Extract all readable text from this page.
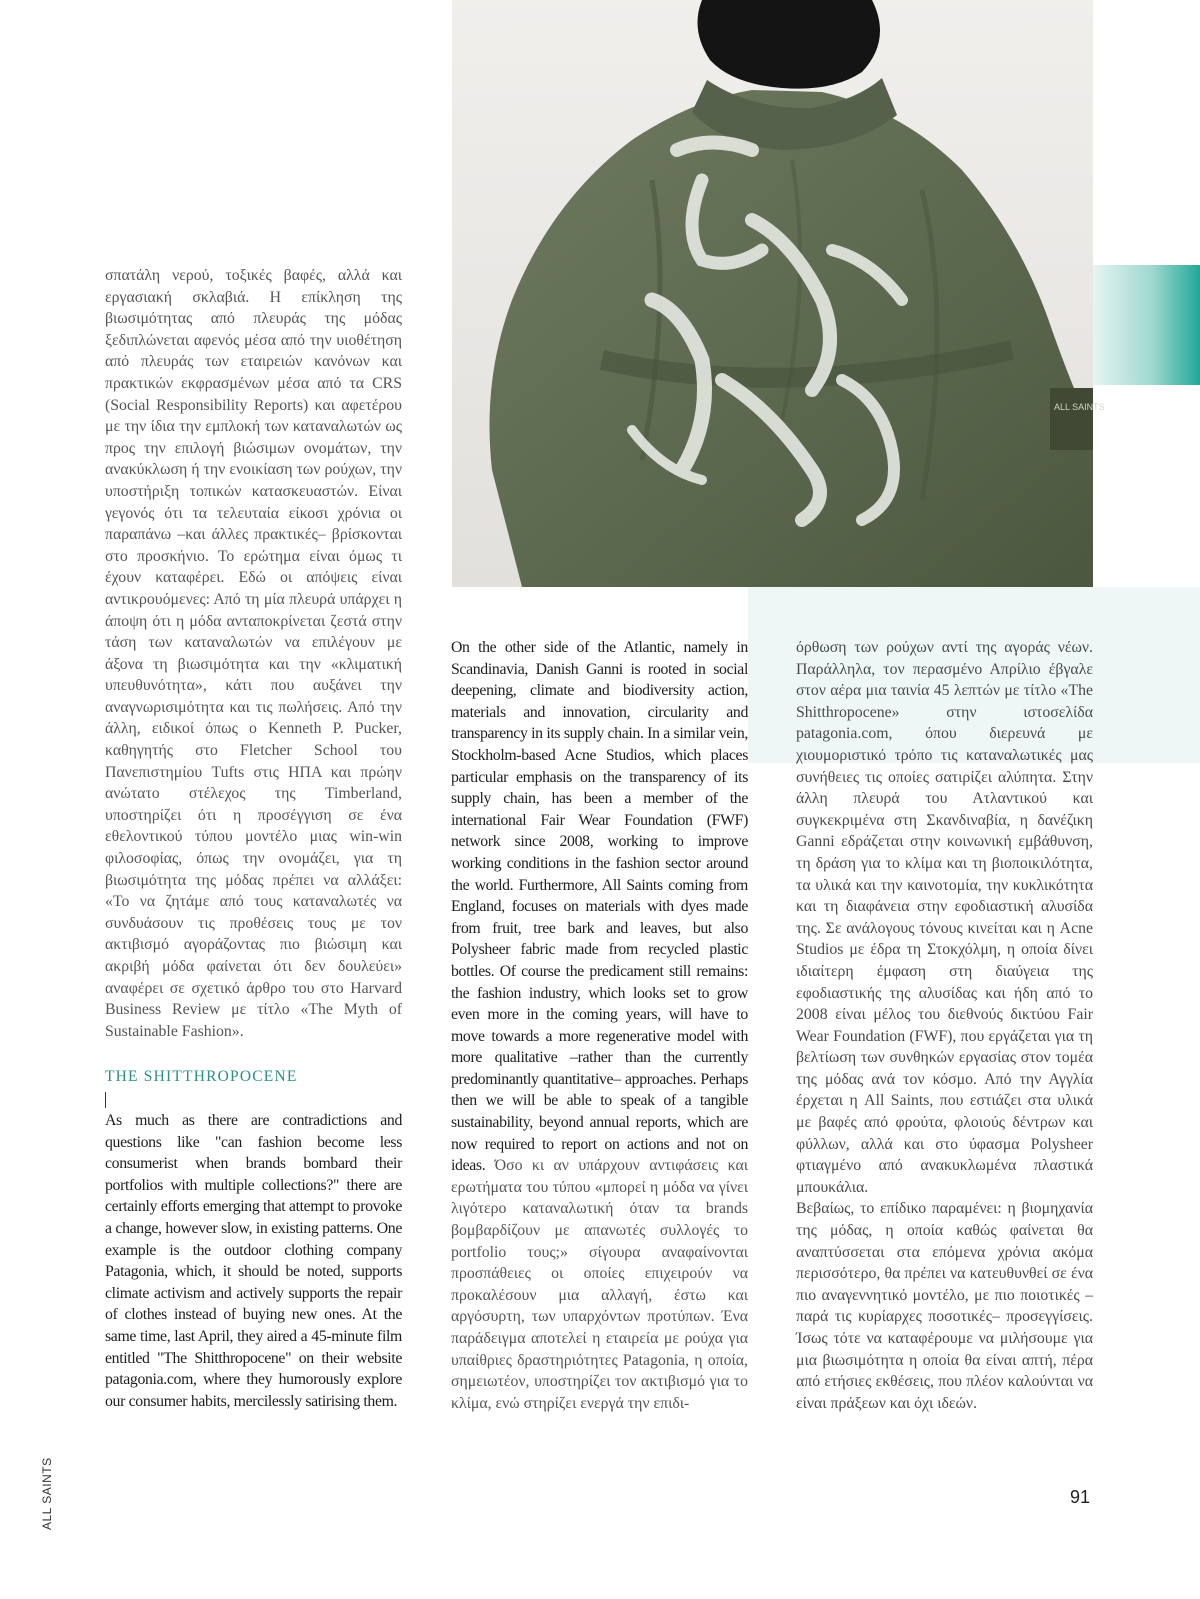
ALL SAINTS

σπατάλη νερού, τοξικές βαφές, αλλά και εργασιακή σκλαβιά. Η επίκληση της βιωσιμότητας από πλευράς της μόδας ξεδιπλώνεται αφενός μέσα από την υιοθέτηση από πλευράς των εταιρειών κανόνων και πρακτικών εκφρασμένων μέσα από τα CRS (Social Responsibility Reports) και αφετέρου με την ίδια την εμπλοκή των καταναλωτών ως προς την επιλογή βιώσιμων ονομάτων, την ανακύκλωση ή την ενοικίαση των ρούχων, την υποστήριξη τοπικών κατασκευαστών. Είναι γεγονός ότι τα τελευταία είκοσι χρόνια οι παραπάνω –και άλλες πρακτικές– βρίσκονται στο προσκήνιο. Το ερώτημα είναι όμως τι έχουν καταφέρει. Εδώ οι απόψεις είναι αντικρουόμενες: Από τη μία πλευρά υπάρχει η άποψη ότι η μόδα ανταποκρίνεται ζεστά στην τάση των καταναλωτών να επιλέγουν με άξονα τη βιωσιμότητα και την «κλιματική υπευθυνότητα», κάτι που αυξάνει την αναγνωρισιμότητα και τις πωλήσεις. Από την άλλη, ειδικοί όπως ο Kenneth P. Pucker, καθηγητής στο Fletcher School του Πανεπιστημίου Tufts στις ΗΠΑ και πρώην ανώτατο στέλεχος της Timberland, υποστηρίζει ότι η προσέγγιση σε ένα εθελοντικού τύπου μοντέλο μιας win-win φιλοσοφίας, όπως την ονομάζει, για τη βιωσιμότητα της μόδας πρέπει να αλλάξει: «Το να ζητάμε από τους καταναλωτές να συνδυάσουν τις προθέσεις τους με τον ακτιβισμό αγοράζοντας πιο βιώσιμη και ακριβή μόδα φαίνεται ότι δεν δουλεύει» αναφέρει σε σχετικό άρθρο του στο Harvard Business Review με τίτλο «The Myth of Sustainable Fashion».

THE SHITTHROPOCENE

As much as there are contradictions and questions like "can fashion become less consumerist when brands bombard their portfolios with multiple collections?" there are certainly efforts emerging that attempt to provoke a change, however slow, in existing patterns. One example is the outdoor clothing company Patagonia, which, it should be noted, supports climate activism and actively supports the repair of clothes instead of buying new ones. At the same time, last April, they aired a 45-minute film entitled "The Shitthropocene" on their website patagonia.com, where they humorously explore our consumer habits, mercilessly satirising them.

On the other side of the Atlantic, namely in Scandinavia, Danish Ganni is rooted in social deepening, climate and biodiversity action, materials and innovation, circularity and transparency in its supply chain. In a similar vein, Stockholm-based Acne Studios, which places particular emphasis on the transparency of its supply chain, has been a member of the international Fair Wear Foundation (FWF) network since 2008, working to improve working conditions in the fashion sector around the world. Furthermore, All Saints coming from England, focuses on materials with dyes made from fruit, tree bark and leaves, but also Polysheer fabric made from recycled plastic bottles. Of course the predicament still remains: the fashion industry, which looks set to grow even more in the coming years, will have to move towards a more regenerative model with more qualitative –rather than the currently predominantly quantitative– approaches. Perhaps then we will be able to speak of a tangible sustainability, beyond annual reports, which are now required to report on actions and not on ideas. Όσο κι αν υπάρχουν αντιφάσεις και ερωτήματα του τύπου «μπορεί η μόδα να γίνει λιγότερο καταναλωτική όταν τα brands βομβαρδίζουν με απανωτές συλλογές το portfolio τους;» σίγουρα αναφαίνονται προσπάθειες οι οποίες επιχειρούν να προκαλέσουν μια αλλαγή, έστω και αργόσυρτη, των υπαρχόντων προτύπων. Ένα παράδειγμα αποτελεί η εταιρεία με ρούχα για υπαίθριες δραστηριότητες Patagonia, η οποία, σημειωτέον, υποστηρίζει τον ακτιβισμό για το κλίμα, ενώ στηρίζει ενεργά την επιδι-

όρθωση των ρούχων αντί της αγοράς νέων. Παράλληλα, τον περασμένο Απρίλιο έβγαλε στον αέρα μια ταινία 45 λεπτών με τίτλο «The Shitthropocene» στην ιστοσελίδα patagonia.com, όπου διερευνά με χιουμοριστικό τρόπο τις καταναλωτικές μας συνήθειες τις οποίες σατιρίζει αλύπητα. Στην άλλη πλευρά του Ατλαντικού και συγκεκριμένα στη Σκανδιναβία, η δανέζικη Ganni εδράζεται στην κοινωνική εμβάθυνση, τη δράση για το κλίμα και τη βιοποικιλότητα, τα υλικά και την καινοτομία, την κυκλικότητα και τη διαφάνεια στην εφοδιαστική αλυσίδα της. Σε ανάλογους τόνους κινείται και η Acne Studios με έδρα τη Στοκχόλμη, η οποία δίνει ιδιαίτερη έμφαση στη διαύγεια της εφοδιαστικής της αλυσίδας και ήδη από το 2008 είναι μέλος του διεθνούς δικτύου Fair Wear Foundation (FWF), που εργάζεται για τη βελτίωση των συνθηκών εργασίας στον τομέα της μόδας ανά τον κόσμο. Από την Αγγλία έρχεται η All Saints, που εστιάζει στα υλικά με βαφές από φρούτα, φλοιούς δέντρων και φύλλων, αλλά και στο ύφασμα Polysheer φτιαγμένο από ανακυκλωμένα πλαστικά μπουκάλια.

Βεβαίως, το επίδικο παραμένει: η βιομηχανία της μόδας, η οποία καθώς φαίνεται θα αναπτύσσεται στα επόμενα χρόνια ακόμα περισσότερο, θα πρέπει να κατευθυνθεί σε ένα πιο αναγεννητικό μοντέλο, με πιο ποιοτικές –παρά τις κυρίαρχες ποσοτικές– προσεγγίσεις. Ίσως τότε να καταφέρουμε να μιλήσουμε για μια βιωσιμότητα η οποία θα είναι απτή, πέρα από ετήσιες εκθέσεις, που πλέον καλούνται να είναι πράξεων και όχι ιδεών.

ALL SAINTS	91
